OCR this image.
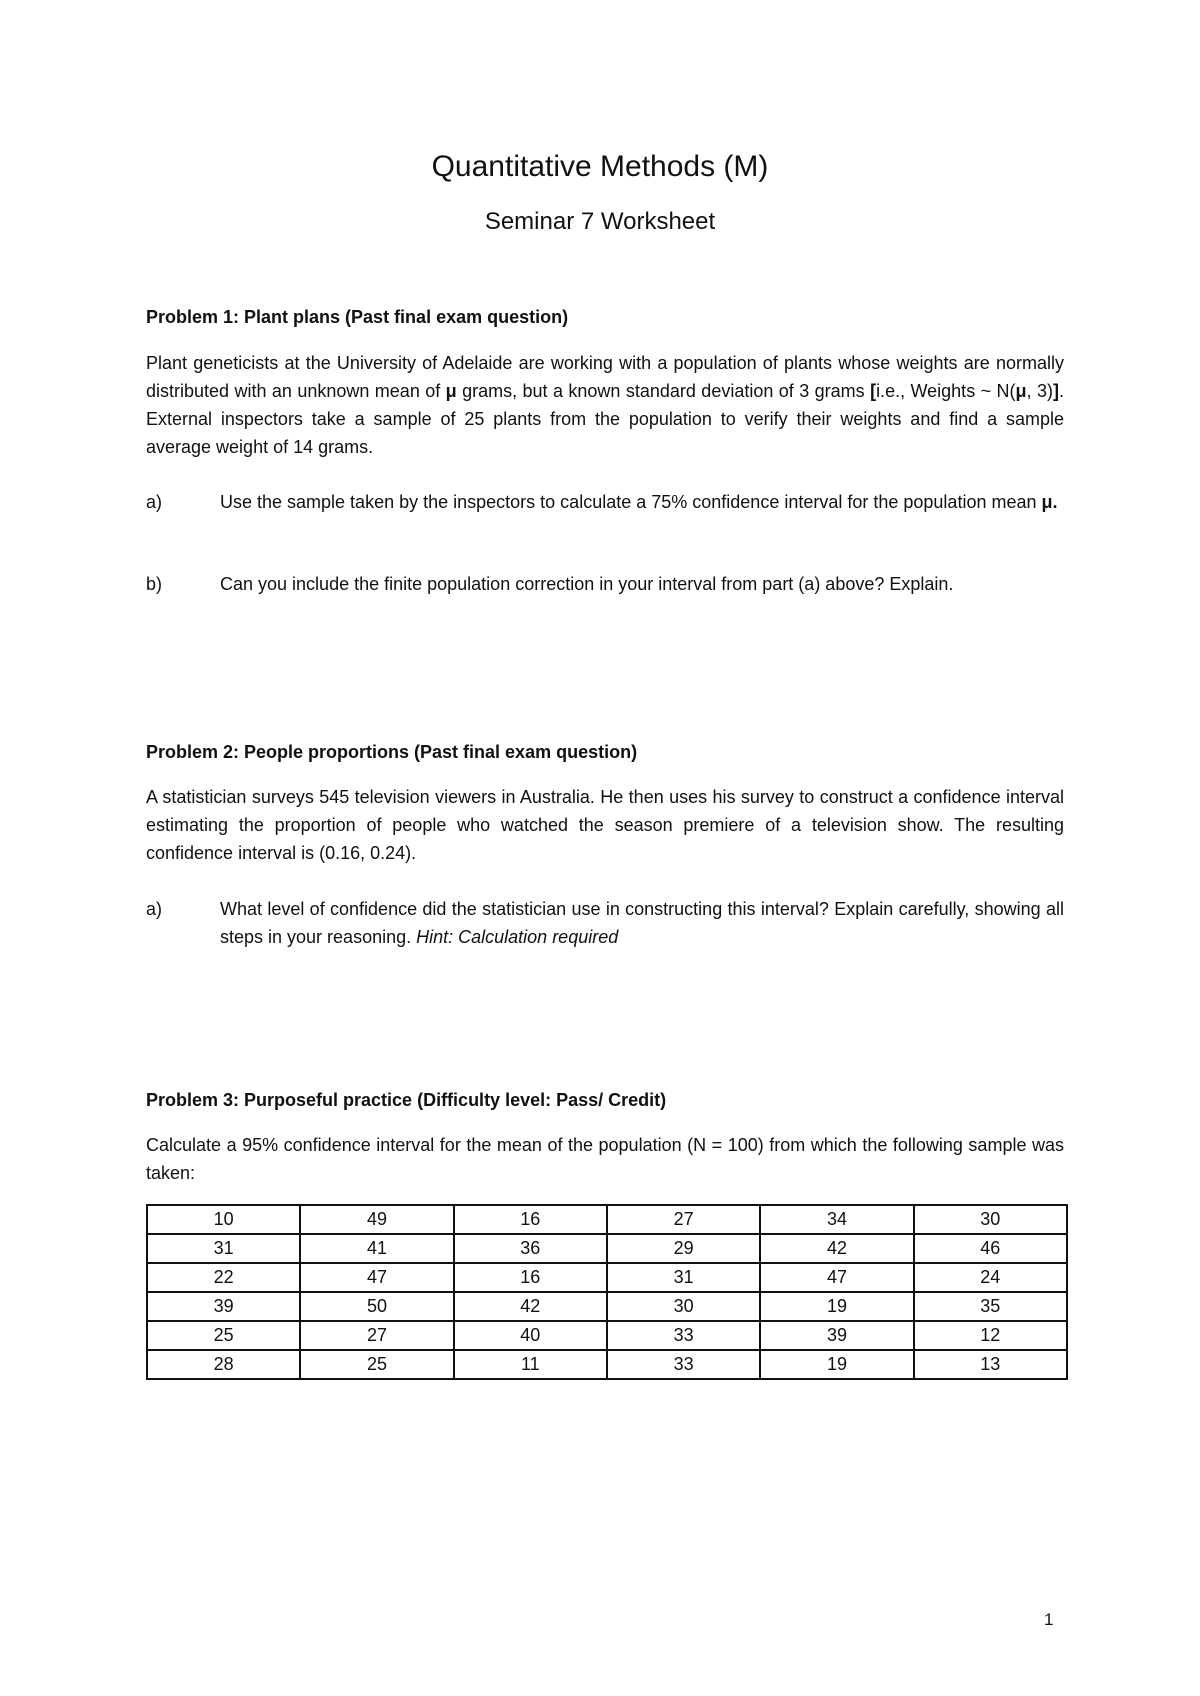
Quantitative Methods (M)
Seminar 7 Worksheet

Problem 1: Plant plans (Past final exam question)

Plant geneticists at the University of Adelaide are working with a population of plants whose weights are normally distributed with an unknown mean of μ grams, but a known standard deviation of 3 grams [i.e., Weights ~ N(μ, 3)]. External inspectors take a sample of 25 plants from the population to verify their weights and find a sample average weight of 14 grams.

a)	Use the sample taken by the inspectors to calculate a 75% confidence interval for the population mean μ.
b)	Can you include the finite population correction in your interval from part (a) above? Explain.

Problem 2: People proportions (Past final exam question)

A statistician surveys 545 television viewers in Australia. He then uses his survey to construct a confidence interval estimating the proportion of people who watched the season premiere of a television show. The resulting confidence interval is (0.16, 0.24).

a)	What level of confidence did the statistician use in constructing this interval? Explain carefully, showing all steps in your reasoning. Hint: Calculation required

Problem 3: Purposeful practice (Difficulty level: Pass/ Credit)

Calculate a 95% confidence interval for the mean of the population (N = 100) from which the following sample was taken:

10	49	16	27	34	30
31	41	36	29	42	46
22	47	16	31	47	24
39	50	42	30	19	35
25	27	40	33	39	12
28	25	11	33	19	13
1
